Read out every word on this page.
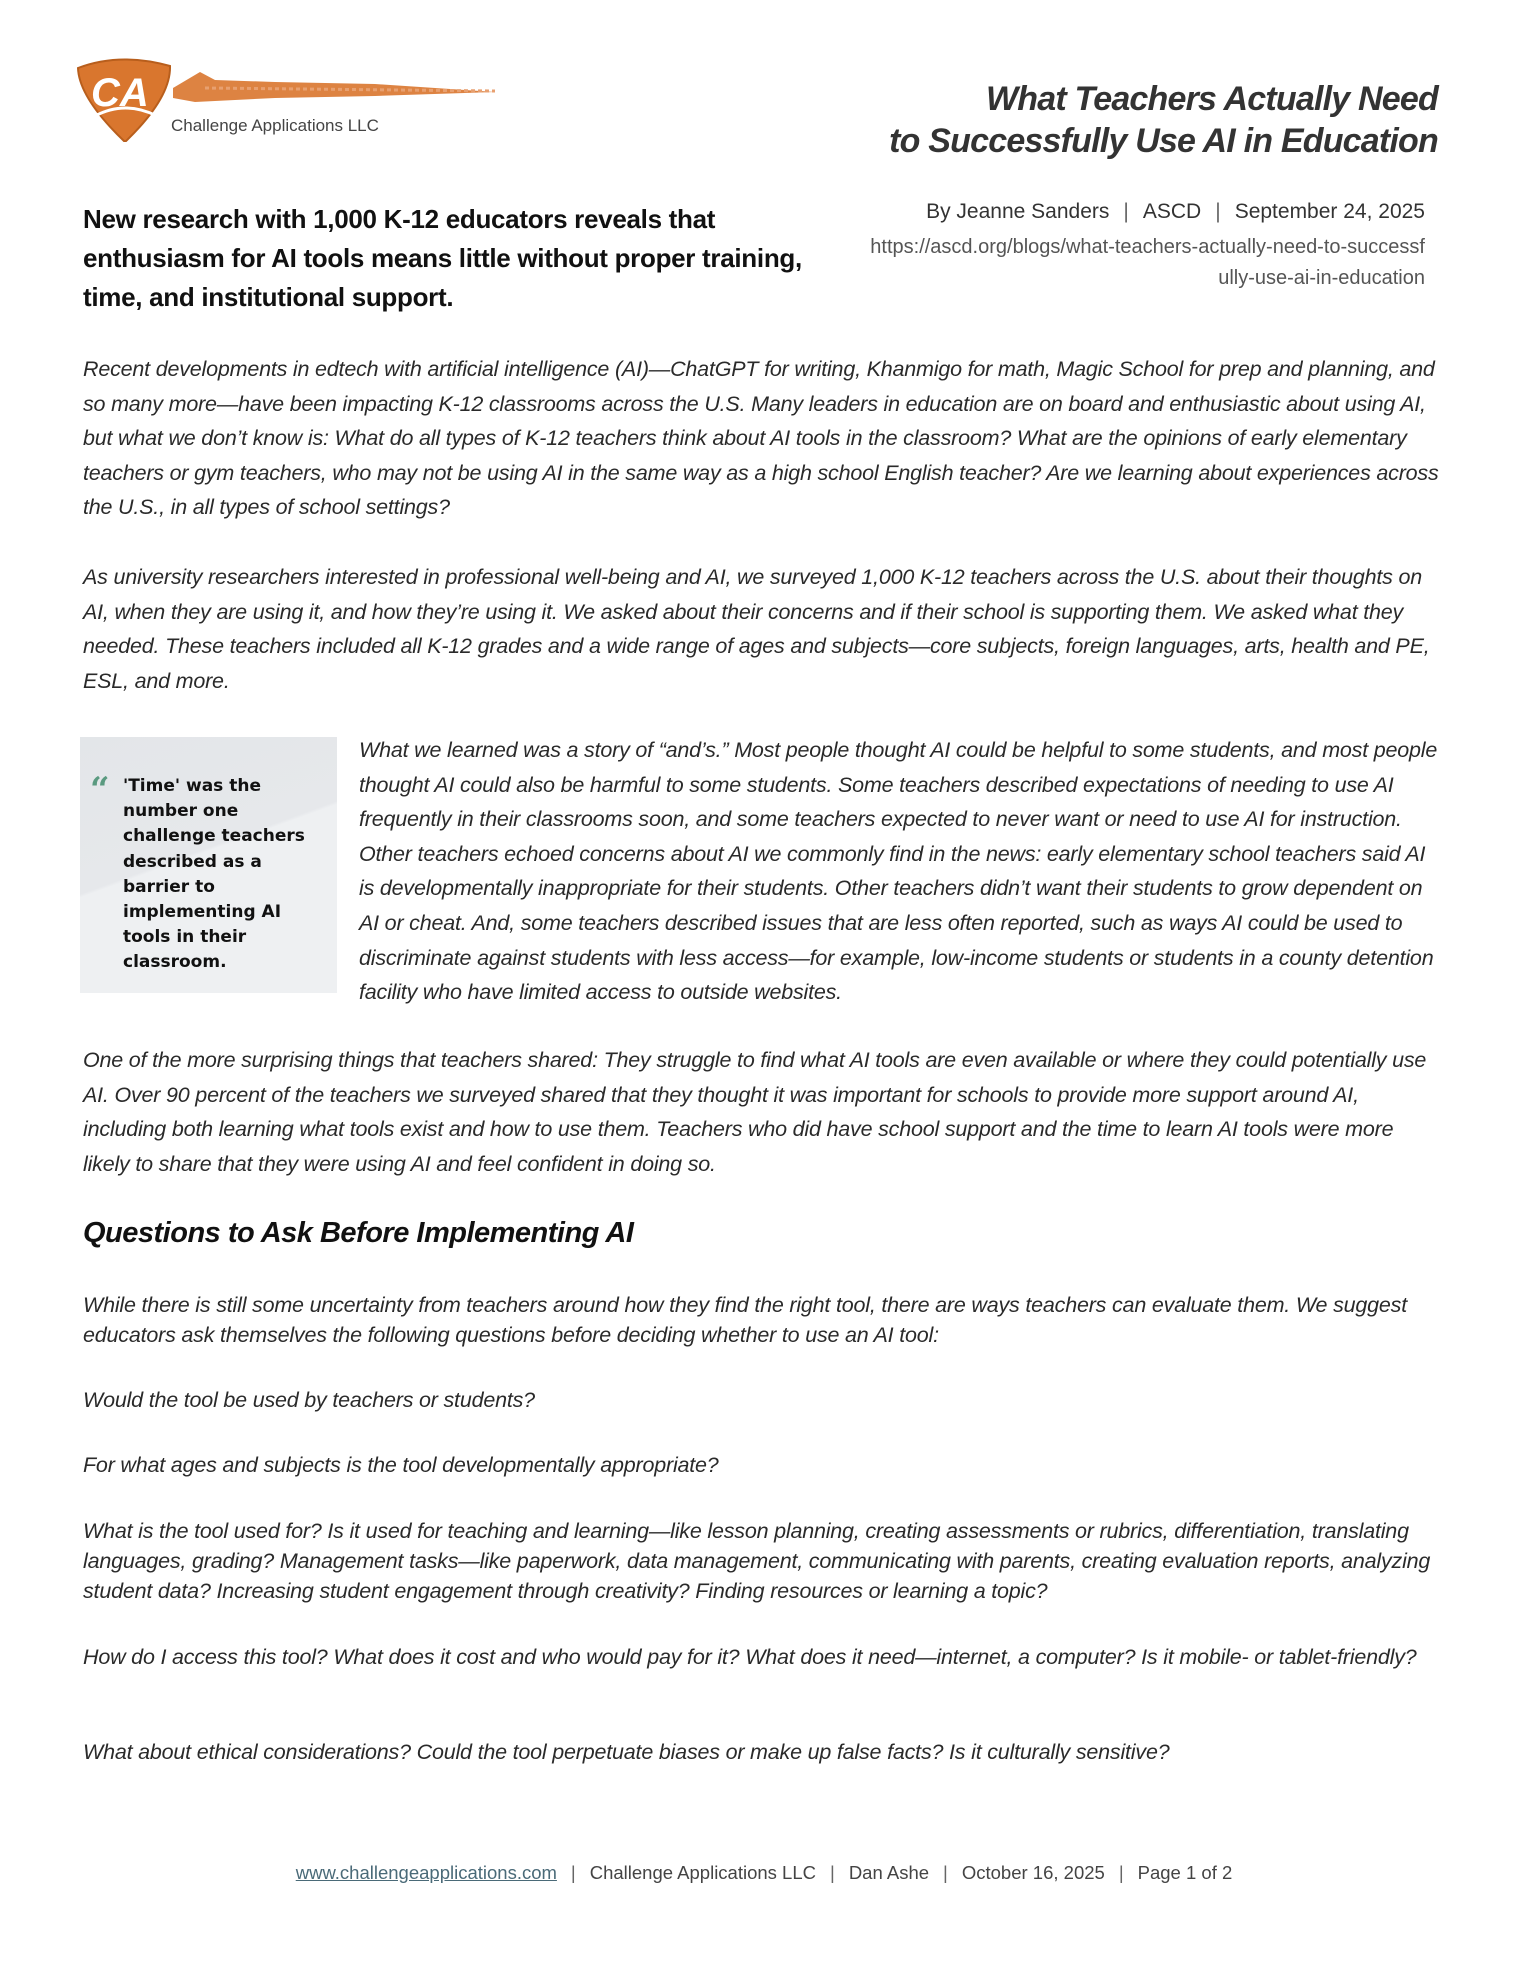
CA
Challenge Applications LLC
What Teachers Actually Need
to Successfully Use AI in Education
New research with 1,000 K-12 educators reveals that enthusiasm for AI tools means little without proper training, time, and institutional support.
By Jeanne Sanders | ASCD | September 24, 2025
https://ascd.org/blogs/what-teachers-actually-need-to-successfully-use-ai-in-education
Recent developments in edtech with artificial intelligence (AI)—ChatGPT for writing, Khanmigo for math, Magic School for prep and planning, and so many more—have been impacting K-12 classrooms across the U.S. Many leaders in education are on board and enthusiastic about using AI, but what we don’t know is: What do all types of K-12 teachers think about AI tools in the classroom? What are the opinions of early elementary teachers or gym teachers, who may not be using AI in the same way as a high school English teacher? Are we learning about experiences across the U.S., in all types of school settings?
As university researchers interested in professional well-being and AI, we surveyed 1,000 K-12 teachers across the U.S. about their thoughts on AI, when they are using it, and how they’re using it. We asked about their concerns and if their school is supporting them. We asked what they needed. These teachers included all K-12 grades and a wide range of ages and subjects—core subjects, foreign languages, arts, health and PE, ESL, and more.
“ 'Time' was the number one challenge teachers described as a barrier to implementing AI tools in their classroom.
What we learned was a story of “and’s.” Most people thought AI could be helpful to some students, and most people thought AI could also be harmful to some students. Some teachers described expectations of needing to use AI frequently in their classrooms soon, and some teachers expected to never want or need to use AI for instruction. Other teachers echoed concerns about AI we commonly find in the news: early elementary school teachers said AI is developmentally inappropriate for their students. Other teachers didn’t want their students to grow dependent on AI or cheat. And, some teachers described issues that are less often reported, such as ways AI could be used to discriminate against students with less access—for example, low-income students or students in a county detention facility who have limited access to outside websites.
One of the more surprising things that teachers shared: They struggle to find what AI tools are even available or where they could potentially use AI. Over 90 percent of the teachers we surveyed shared that they thought it was important for schools to provide more support around AI, including both learning what tools exist and how to use them. Teachers who did have school support and the time to learn AI tools were more likely to share that they were using AI and feel confident in doing so.
Questions to Ask Before Implementing AI
While there is still some uncertainty from teachers around how they find the right tool, there are ways teachers can evaluate them. We suggest educators ask themselves the following questions before deciding whether to use an AI tool:
Would the tool be used by teachers or students?
For what ages and subjects is the tool developmentally appropriate?
What is the tool used for? Is it used for teaching and learning—like lesson planning, creating assessments or rubrics, differentiation, translating languages, grading? Management tasks—like paperwork, data management, communicating with parents, creating evaluation reports, analyzing student data? Increasing student engagement through creativity? Finding resources or learning a topic?
How do I access this tool? What does it cost and who would pay for it? What does it need—internet, a computer? Is it mobile- or tablet-friendly?
What about ethical considerations? Could the tool perpetuate biases or make up false facts? Is it culturally sensitive?
www.challengeapplications.com | Challenge Applications LLC | Dan Ashe | October 16, 2025 | Page 1 of 2
